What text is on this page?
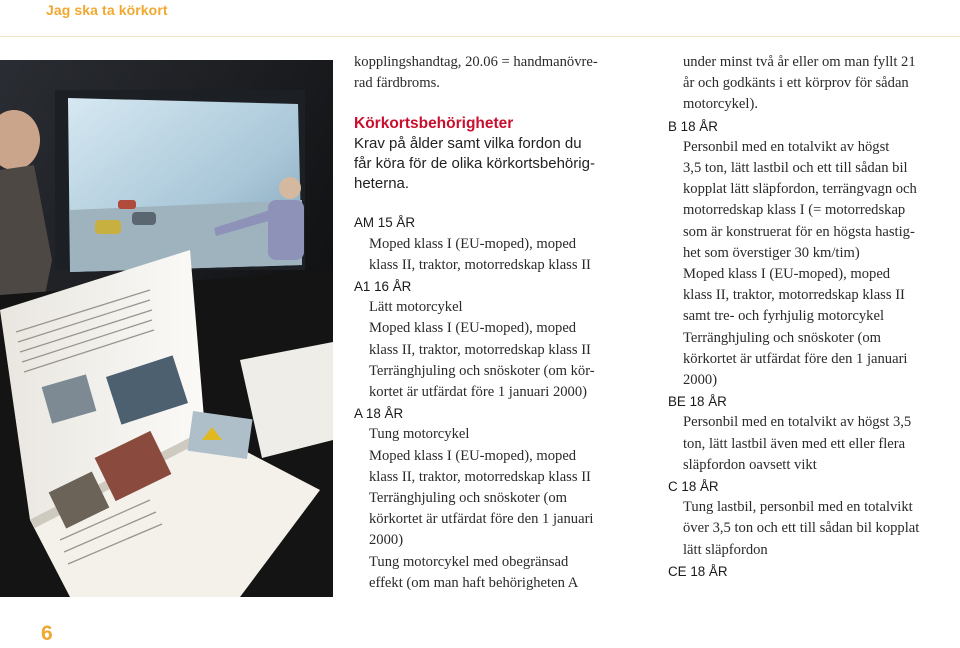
Jag ska ta körkort

kopplingshandtag, 20.06 = handmanövre-

rad färdbroms.

Körkortsbehörigheter

Krav på ålder samt vilka fordon du

får köra för de olika körkortsbehörig-

heterna.

AM 15 ÅR

Moped klass I (EU-moped), moped

klass II, traktor, motorredskap klass II

A1 16 ÅR

Lätt motorcykel

Moped klass I (EU-moped), moped

klass II, traktor, motorredskap klass II

Terränghjuling och snöskoter (om kör-

kortet är utfärdat före 1 januari 2000)

A 18 ÅR

Tung motorcykel

Moped klass I (EU-moped), moped

klass II, traktor, motorredskap klass II

Terränghjuling och snöskoter (om

körkortet är utfärdat före den 1 januari

2000)

Tung motorcykel med obegränsad

effekt (om man haft behörigheten A

under minst två år eller om man fyllt 21

år och godkänts i ett körprov för sådan

motorcykel).

B 18 ÅR

Personbil med en totalvikt av högst

3,5 ton, lätt lastbil och ett till sådan bil

kopplat lätt släpfordon, terrängvagn och

motorredskap klass I (= motorredskap

som är konstruerat för en högsta hastig-

het som överstiger 30 km/tim)

Moped klass I (EU-moped), moped

klass II, traktor, motorredskap klass II

samt tre- och fyrhjulig motorcykel

Terränghjuling och snöskoter (om

körkortet är utfärdat före den 1 januari

2000)

BE 18 ÅR

Personbil med en totalvikt av högst 3,5

ton, lätt lastbil även med ett eller flera

släpfordon oavsett vikt

C 18 ÅR

Tung lastbil, personbil med en totalvikt

över 3,5 ton och ett till sådan bil kopplat

lätt släpfordon

CE 18 ÅR
6
